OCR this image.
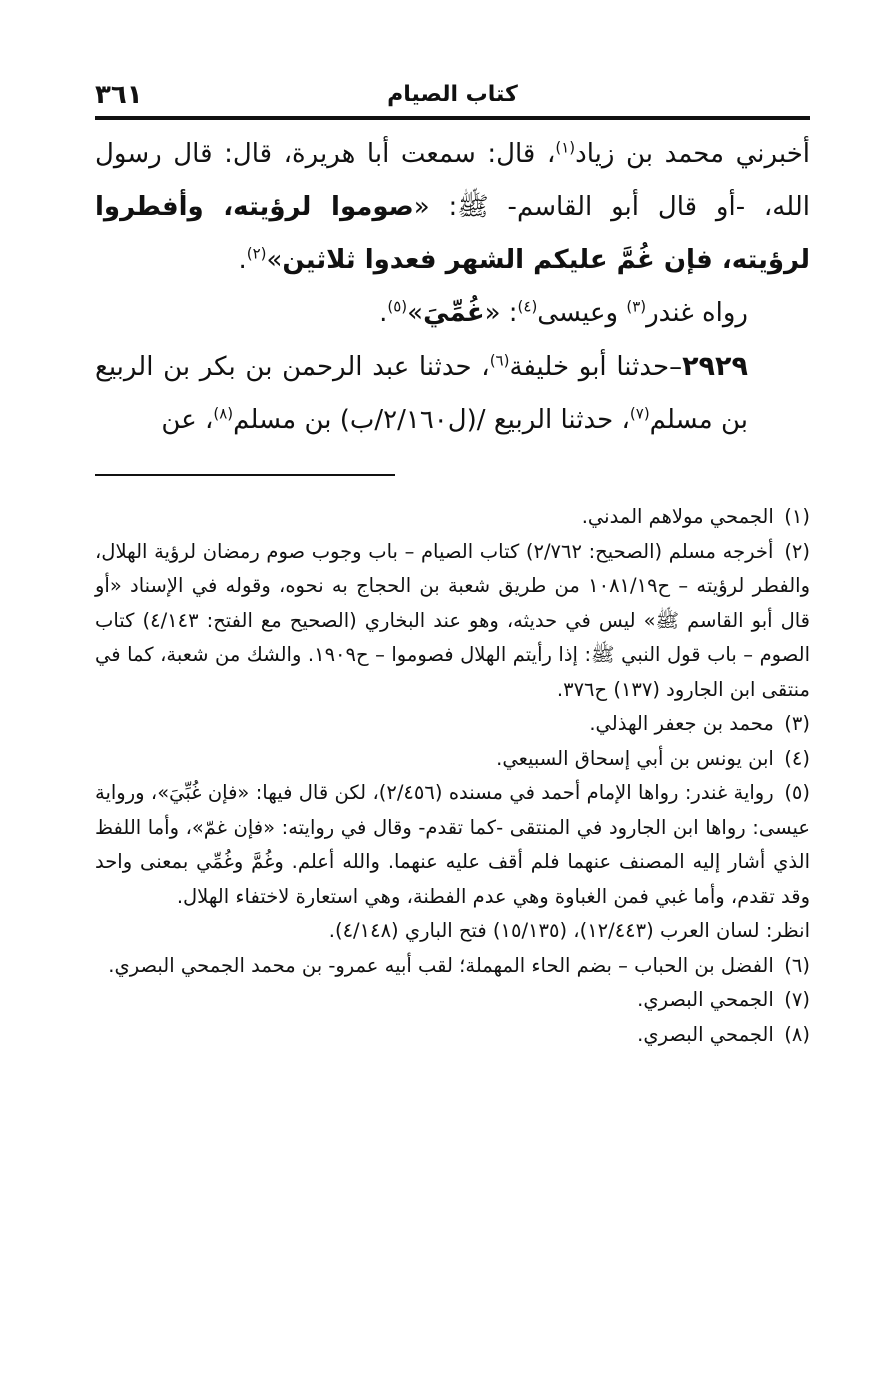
٣٦١	كتاب الصيام

أخبرني محمد بن زياد$^{(١)}$، قال: سمعت أبا هريرة، قال: قال رسول الله، -أو قال أبو القاسم- ﷺ: «صوموا لرؤيته، وأفطروا لرؤيته، فإن غُمَّ عليكم الشهر فعدوا ثلاثين»$^{(٢)}$.

رواه غندر$^{(٣)}$ وعيسى$^{(٤)}$: «غُمِّيَ»$^{(٥)}$.

٢٩٢٩–حدثنا أبو خليفة$^{(٦)}$، حدثنا عبد الرحمن بن بكر بن الربيع بن مسلم$^{(٧)}$، حدثنا الربيع /(ل٢/١٦٠/ب) بن مسلم$^{(٨)}$، عن

(١) الجمحي مولاهم المدني.

(٢) أخرجه مسلم (الصحيح: ٢/٧٦٢) كتاب الصيام – باب وجوب صوم رمضان لرؤية الهلال، والفطر لرؤيته – ح١٠٨١/١٩ من طريق شعبة بن الحجاج به نحوه، وقوله في الإسناد «أو قال أبو القاسم ﷺ» ليس في حديثه، وهو عند البخاري (الصحيح مع الفتح: ٤/١٤٣) كتاب الصوم – باب قول النبي ﷺ: إذا رأيتم الهلال فصوموا – ح١٩٠٩. والشك من شعبة، كما في منتقى ابن الجارود (١٣٧) ح٣٧٦.

(٣) محمد بن جعفر الهذلي.

(٤) ابن يونس بن أبي إسحاق السبيعي.

(٥) رواية غندر: رواها الإمام أحمد في مسنده (٢/٤٥٦)، لكن قال فيها: «فإن غُبِّيَ»، ورواية عيسى: رواها ابن الجارود في المنتقى -كما تقدم- وقال في روايته: «فإن غمّ»، وأما اللفظ الذي أشار إليه المصنف عنهما فلم أقف عليه عنهما. والله أعلم. وغُمَّ وغُمِّي بمعنى واحد وقد تقدم، وأما غبي فمن الغباوة وهي عدم الفطنة، وهي استعارة لاختفاء الهلال.

انظر: لسان العرب (١٢/٤٤٣)، (١٥/١٣٥) فتح الباري (٤/١٤٨).

(٦) الفضل بن الحباب – بضم الحاء المهملة؛ لقب أبيه عمرو- بن محمد الجمحي البصري.

(٧) الجمحي البصري.

(٨) الجمحي البصري.
